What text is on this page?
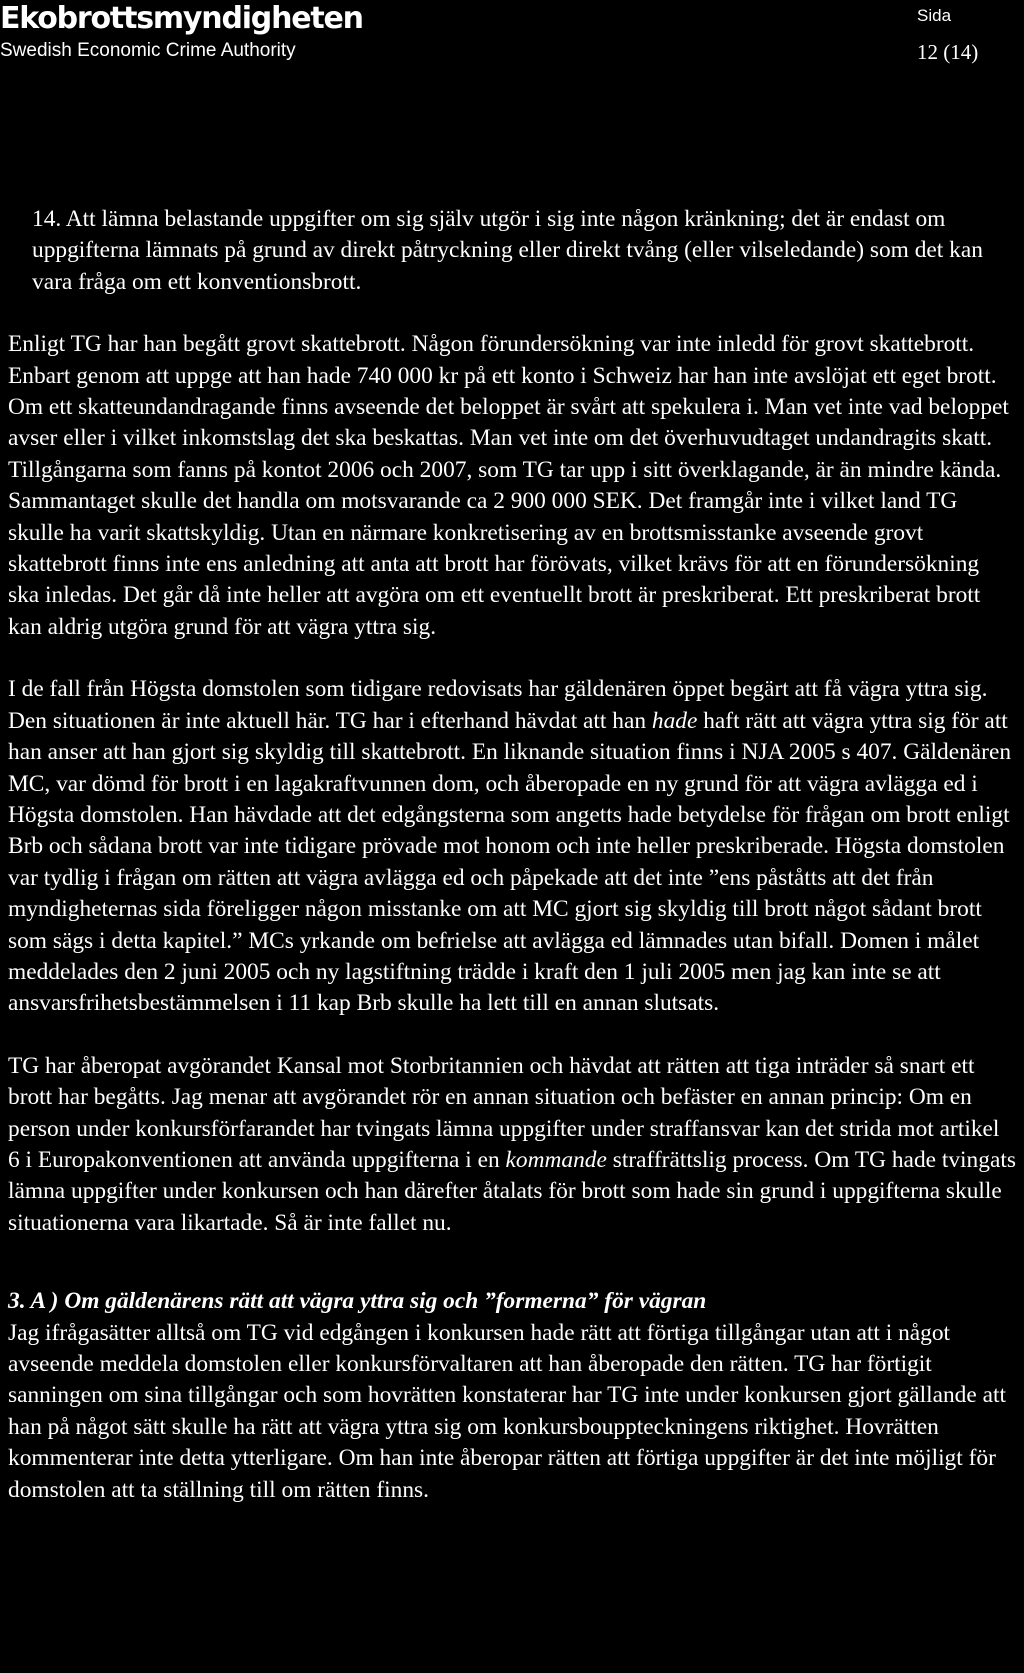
Ekobrottsmyndigheten
Swedish Economic Crime Authority
Sida
12 (14)

14. Att lämna belastande uppgifter om sig själv utgör i sig inte någon kränkning; det är endast om uppgifterna lämnats på grund av direkt påtryckning eller direkt tvång (eller vilseledande) som det kan vara fråga om ett konventionsbrott.

Enligt TG har han begått grovt skattebrott. Någon förundersökning var inte inledd för grovt skattebrott. Enbart genom att uppge att han hade 740 000 kr på ett konto i Schweiz har han inte avslöjat ett eget brott. Om ett skatteundandragande finns avseende det beloppet är svårt att spekulera i. Man vet inte vad beloppet avser eller i vilket inkomstslag det ska beskattas. Man vet inte om det överhuvudtaget undandragits skatt. Tillgångarna som fanns på kontot 2006 och 2007, som TG tar upp i sitt överklagande, är än mindre kända. Sammantaget skulle det handla om motsvarande ca 2 900 000 SEK. Det framgår inte i vilket land TG skulle ha varit skattskyldig. Utan en närmare konkretisering av en brottsmisstanke avseende grovt skattebrott finns inte ens anledning att anta att brott har förövats, vilket krävs för att en förundersökning ska inledas. Det går då inte heller att avgöra om ett eventuellt brott är preskriberat. Ett preskriberat brott kan aldrig utgöra grund för att vägra yttra sig.

I de fall från Högsta domstolen som tidigare redovisats har gäldenären öppet begärt att få vägra yttra sig. Den situationen är inte aktuell här. TG har i efterhand hävdat att han hade haft rätt att vägra yttra sig för att han anser att han gjort sig skyldig till skattebrott. En liknande situation finns i NJA 2005 s 407. Gäldenären MC, var dömd för brott i en lagakraftvunnen dom, och åberopade en ny grund för att vägra avlägga ed i Högsta domstolen. Han hävdade att det edgångsterna som angetts hade betydelse för frågan om brott enligt Brb och sådana brott var inte tidigare prövade mot honom och inte heller preskriberade. Högsta domstolen var tydlig i frågan om rätten att vägra avlägga ed och påpekade att det inte ”ens påståtts att det från myndigheternas sida föreligger någon misstanke om att MC gjort sig skyldig till brott något sådant brott som sägs i detta kapitel.” MCs yrkande om befrielse att avlägga ed lämnades utan bifall. Domen i målet meddelades den 2 juni 2005 och ny lagstiftning trädde i kraft den 1 juli 2005 men jag kan inte se att ansvarsfrihetsbestämmelsen i 11 kap Brb skulle ha lett till en annan slutsats.

TG har åberopat avgörandet Kansal mot Storbritannien och hävdat att rätten att tiga inträder så snart ett brott har begåtts. Jag menar att avgörandet rör en annan situation och befäster en annan princip: Om en person under konkursförfarandet har tvingats lämna uppgifter under straffansvar kan det strida mot artikel 6 i Europakonventionen att använda uppgifterna i en kommande straffrättslig process. Om TG hade tvingats lämna uppgifter under konkursen och han därefter åtalats för brott som hade sin grund i uppgifterna skulle situationerna vara likartade. Så är inte fallet nu.

3. A ) Om gäldenärens rätt att vägra yttra sig och ”formerna” för vägran

Jag ifrågasätter alltså om TG vid edgången i konkursen hade rätt att förtiga tillgångar utan att i något avseende meddela domstolen eller konkursförvaltaren att han åberopade den rätten. TG har förtigit sanningen om sina tillgångar och som hovrätten konstaterar har TG inte under konkursen gjort gällande att han på något sätt skulle ha rätt att vägra yttra sig om konkursbouppteckningens riktighet. Hovrätten kommenterar inte detta ytterligare. Om han inte åberopar rätten att förtiga uppgifter är det inte möjligt för domstolen att ta ställning till om rätten finns.
